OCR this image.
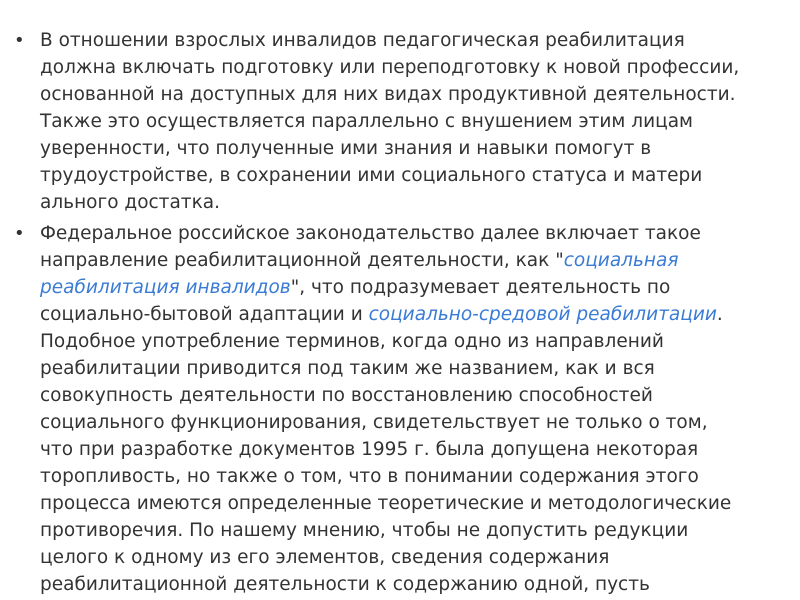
• В отношении взрослых инвалидов педагогическая реабилитация должна включать подготовку или переподготовку к новой профессии, основанной на доступных для них видах продуктивной деятельности. Также это осуществляется параллельно с внушением этим лицам уверенности, что полученные ими знания и навыки помогут в трудоустройстве, в сохранении ими социального статуса и матери ального достатка.
• Федеральное российское законодательство далее включает такое направление реабилитационной деятельности, как "социальная реабилитация инвалидов", что подразумевает деятельность по социально-бытовой адаптации и социально-средовой реабилитации. Подобное употребление терминов, когда одно из направлений реабилитации приводится под таким же названием, как и вся совокупность деятельности по восстановлению способностей социального функционирования, свидетельствует не только о том, что при разработке документов 1995 г. была допущена некоторая торопливость, но также о том, что в понимании содержания этого процесса имеются определенные теоретические и методологические противоречия. По нашему мнению, чтобы не допустить редукции целого к одному из его элементов, сведения содержания реабилитационной деятельности к содержанию одной, пусть
